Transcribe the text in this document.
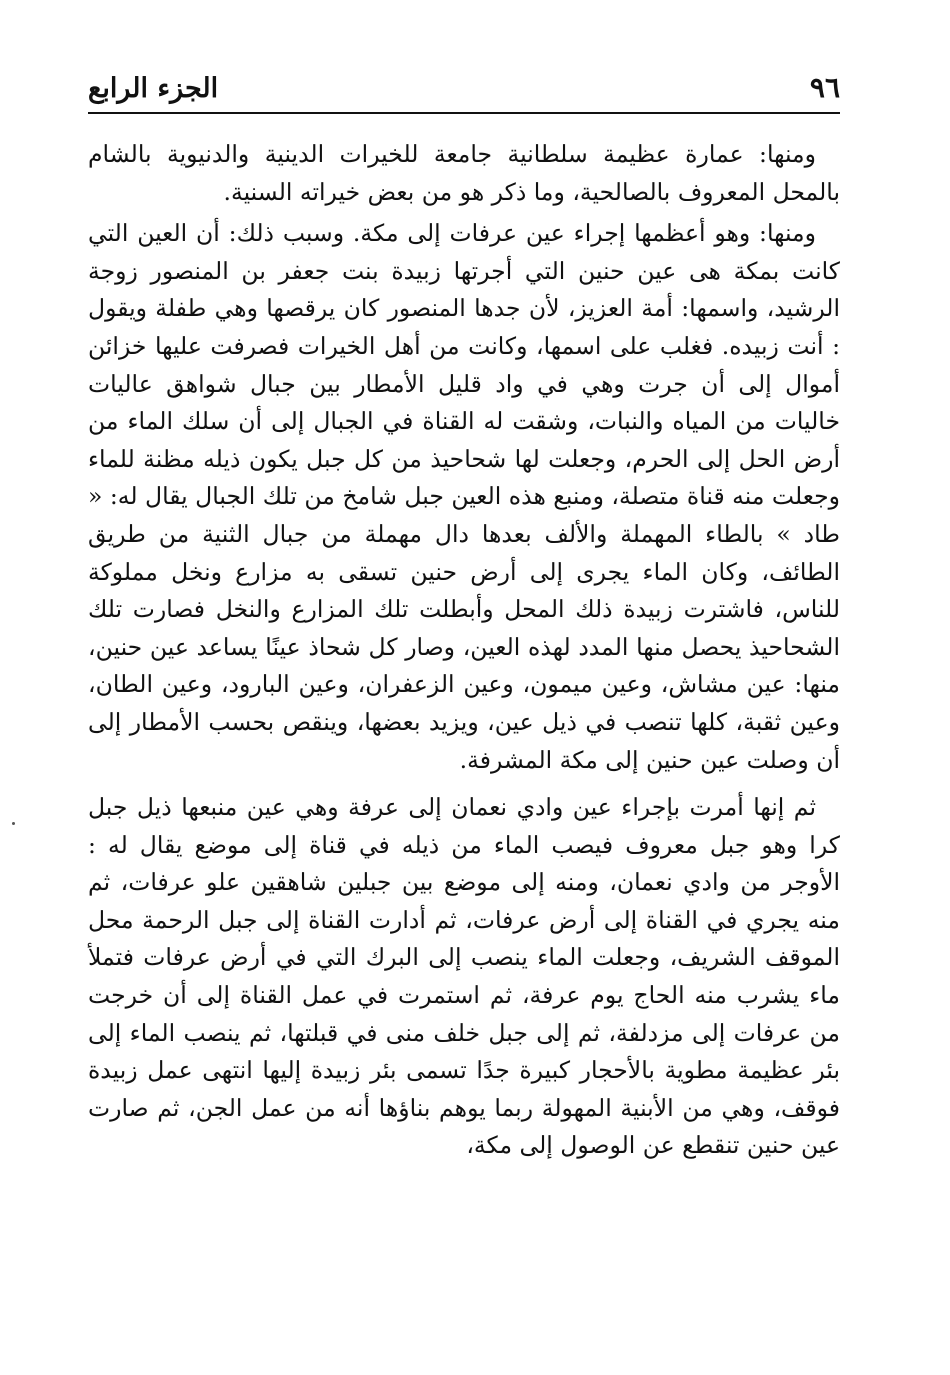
٩٦
الجزء الرابع

ومنها: عمارة عظيمة سلطانية جامعة للخيرات الدينية والدنيوية بالشام بالمحل المعروف بالصالحية، وما ذكر هو من بعض خيراته السنية.

ومنها: وهو أعظمها إجراء عين عرفات إلى مكة. وسبب ذلك: أن العين التي كانت بمكة هى عين حنين التي أجرتها زبيدة بنت جعفر بن المنصور زوجة الرشيد، واسمها: أمة العزيز، لأن جدها المنصور كان يرقصها وهي طفلة ويقول : أنت زبيده. فغلب على اسمها، وكانت من أهل الخيرات فصرفت عليها خزائن أموال إلى أن جرت وهي في واد قليل الأمطار بين جبال شواهق عاليات خاليات من المياه والنبات، وشقت له القناة في الجبال إلى أن سلك الماء من أرض الحل إلى الحرم، وجعلت لها شحاحيذ من كل جبل يكون ذيله مظنة للماء وجعلت منه قناة متصلة، ومنبع هذه العين جبل شامخ من تلك الجبال يقال له: « طاد » بالطاء المهملة والألف بعدها دال مهملة من جبال الثنية من طريق الطائف، وكان الماء يجرى إلى أرض حنين تسقى به مزارع ونخل مملوكة للناس، فاشترت زبيدة ذلك المحل وأبطلت تلك المزارع والنخل فصارت تلك الشحاحيذ يحصل منها المدد لهذه العين، وصار كل شحاذ عينًا يساعد عين حنين، منها: عين مشاش، وعين ميمون، وعين الزعفران، وعين البارود، وعين الطان، وعين ثقبة، كلها تنصب في ذيل عين، ويزيد بعضها، وينقص بحسب الأمطار إلى أن وصلت عين حنين إلى مكة المشرفة.

ثم إنها أمرت بإجراء عين وادي نعمان إلى عرفة وهي عين منبعها ذيل جبل كرا وهو جبل معروف فيصب الماء من ذيله في قناة إلى موضع يقال له : الأوجر من وادي نعمان، ومنه إلى موضع بين جبلين شاهقين علو عرفات، ثم منه يجري في القناة إلى أرض عرفات، ثم أدارت القناة إلى جبل الرحمة محل الموقف الشريف، وجعلت الماء ينصب إلى البرك التي في أرض عرفات فتملأ ماء يشرب منه الحاج يوم عرفة، ثم استمرت في عمل القناة إلى أن خرجت من عرفات إلى مزدلفة، ثم إلى جبل خلف منى في قبلتها، ثم ينصب الماء إلى بئر عظيمة مطوية بالأحجار كبيرة جدًا تسمى بئر زبيدة إليها انتهى عمل زبيدة فوقف، وهي من الأبنية المهولة ربما يوهم بناؤها أنه من عمل الجن، ثم صارت عين حنين تنقطع عن الوصول إلى مكة،
